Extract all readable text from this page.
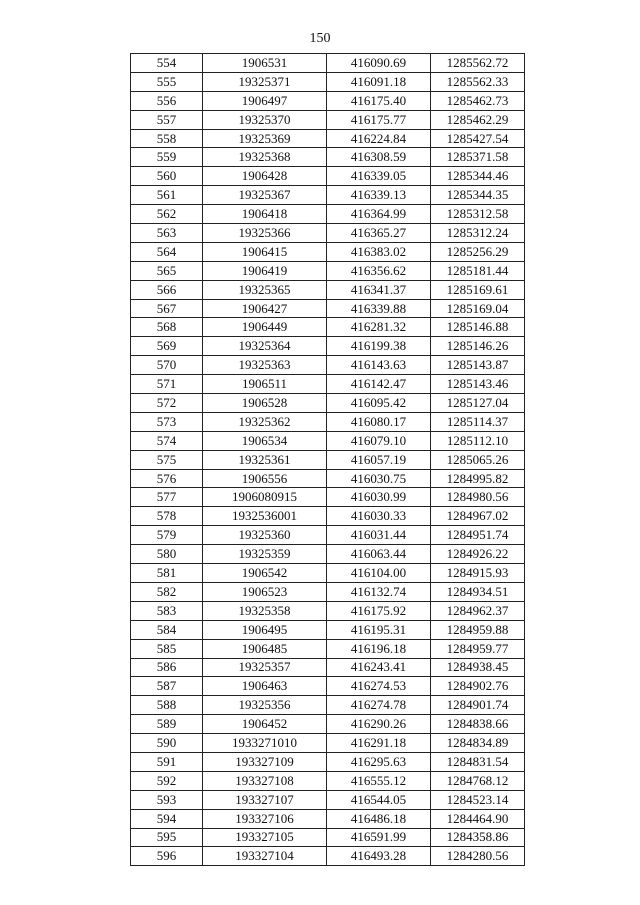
150
554	1906531	416090.69	1285562.72
555	19325371	416091.18	1285562.33
556	1906497	416175.40	1285462.73
557	19325370	416175.77	1285462.29
558	19325369	416224.84	1285427.54
559	19325368	416308.59	1285371.58
560	1906428	416339.05	1285344.46
561	19325367	416339.13	1285344.35
562	1906418	416364.99	1285312.58
563	19325366	416365.27	1285312.24
564	1906415	416383.02	1285256.29
565	1906419	416356.62	1285181.44
566	19325365	416341.37	1285169.61
567	1906427	416339.88	1285169.04
568	1906449	416281.32	1285146.88
569	19325364	416199.38	1285146.26
570	19325363	416143.63	1285143.87
571	1906511	416142.47	1285143.46
572	1906528	416095.42	1285127.04
573	19325362	416080.17	1285114.37
574	1906534	416079.10	1285112.10
575	19325361	416057.19	1285065.26
576	1906556	416030.75	1284995.82
577	1906080915	416030.99	1284980.56
578	1932536001	416030.33	1284967.02
579	19325360	416031.44	1284951.74
580	19325359	416063.44	1284926.22
581	1906542	416104.00	1284915.93
582	1906523	416132.74	1284934.51
583	19325358	416175.92	1284962.37
584	1906495	416195.31	1284959.88
585	1906485	416196.18	1284959.77
586	19325357	416243.41	1284938.45
587	1906463	416274.53	1284902.76
588	19325356	416274.78	1284901.74
589	1906452	416290.26	1284838.66
590	1933271010	416291.18	1284834.89
591	193327109	416295.63	1284831.54
592	193327108	416555.12	1284768.12
593	193327107	416544.05	1284523.14
594	193327106	416486.18	1284464.90
595	193327105	416591.99	1284358.86
596	193327104	416493.28	1284280.56
